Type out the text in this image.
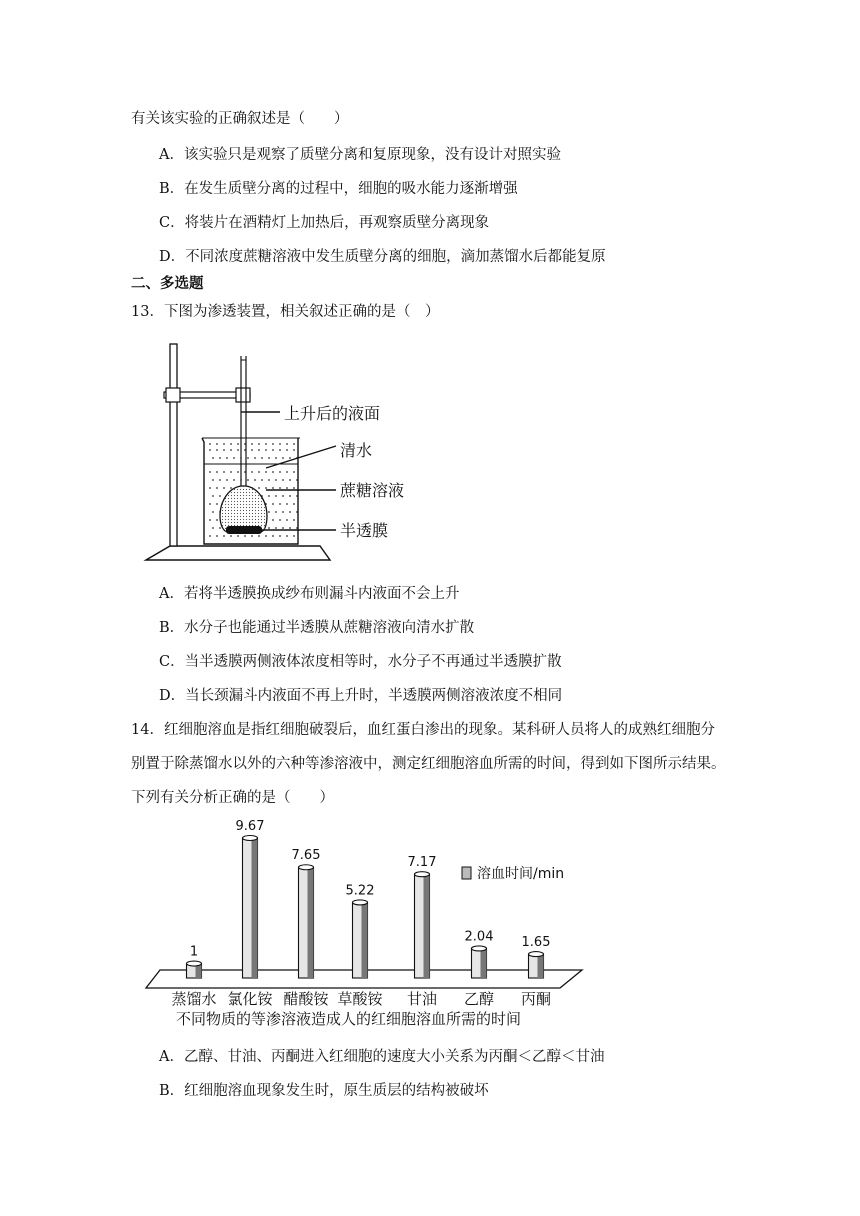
有关该实验的正确叙述是（　　）
A．该实验只是观察了质壁分离和复原现象，没有设计对照实验
B．在发生质壁分离的过程中，细胞的吸水能力逐渐增强
C．将装片在酒精灯上加热后，再观察质壁分离现象
D．不同浓度蔗糖溶液中发生质壁分离的细胞，滴加蒸馏水后都能复原
二、多选题
13．下图为渗透装置，相关叙述正确的是（　）
上升后的液面
清水
蔗糖溶液
半透膜
A．若将半透膜换成纱布则漏斗内液面不会上升
B．水分子也能通过半透膜从蔗糖溶液向清水扩散
C．当半透膜两侧液体浓度相等时，水分子不再通过半透膜扩散
D．当长颈漏斗内液面不再上升时，半透膜两侧溶液浓度不相同
14．红细胞溶血是指红细胞破裂后，血红蛋白渗出的现象。某科研人员将人的成熟红细胞分
别置于除蒸馏水以外的六种等渗溶液中，测定红细胞溶血所需的时间，得到如下图所示结果。
下列有关分析正确的是（　　）
1
9.67
7.65
5.22
7.17
2.04 1.65
溶血时间/min
蒸馏水 氯化铵 醋酸铵 草酸铵 甘油 乙醇 丙酮
不同物质的等渗溶液造成人的红细胞溶血所需的时间
A．乙醇、甘油、丙酮进入红细胞的速度大小关系为丙酮＜乙醇＜甘油
B．红细胞溶血现象发生时，原生质层的结构被破坏
